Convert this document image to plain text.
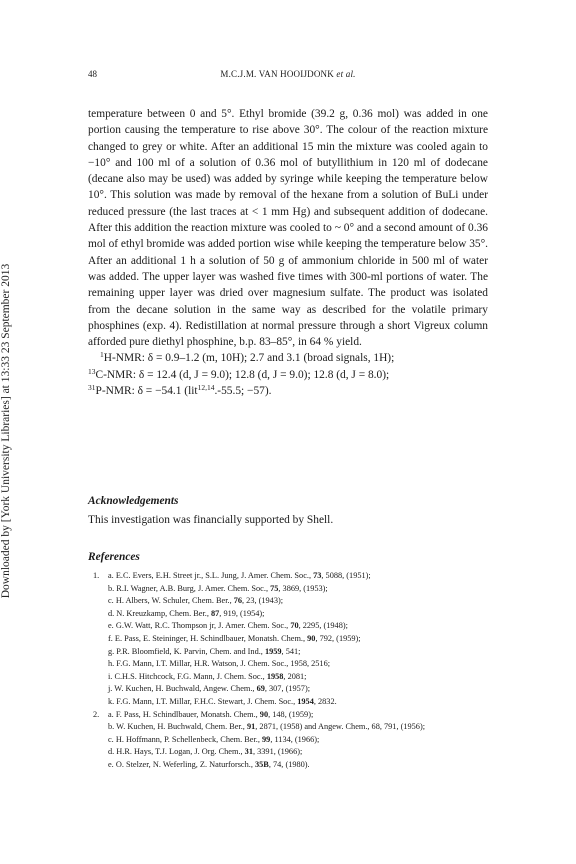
Downloaded by [York University Libraries] at 13:33 23 September 2013
48	M.C.J.M. VAN HOOIJDONK et al.

temperature between 0 and 5°. Ethyl bromide (39.2 g, 0.36 mol) was added in one portion causing the temperature to rise above 30°. The colour of the reaction mixture changed to grey or white. After an additional 15 min the mixture was cooled again to −10° and 100 ml of a solution of 0.36 mol of butyllithium in 120 ml of dodecane (decane also may be used) was added by syringe while keeping the temperature below 10°. This solution was made by removal of the hexane from a solution of BuLi under reduced pressure (the last traces at < 1 mm Hg) and subsequent addition of dodecane. After this addition the reaction mixture was cooled to ~ 0° and a second amount of 0.36 mol of ethyl bromide was added portion wise while keeping the temperature below 35°. After an additional 1 h a solution of 50 g of ammonium chloride in 500 ml of water was added. The upper layer was washed five times with 300-ml portions of water. The remaining upper layer was dried over magnesium sulfate. The product was isolated from the decane solution in the same way as described for the volatile primary phosphines (exp. 4). Redistillation at normal pressure through a short Vigreux column afforded pure diethyl phosphine, b.p. 83–85°, in 64 % yield.

$^1$H-NMR: δ = 0.9–1.2 (m, 10H); 2.7 and 3.1 (broad signals, 1H);
$^{13}$C-NMR: δ = 12.4 (d, J = 9.0); 12.8 (d, J = 9.0); 12.8 (d, J = 8.0);
$^{31}$P-NMR: δ = −54.1 (lit$^{12,14}$.-55.5; −57).

Acknowledgements
This investigation was financially supported by Shell.
References
1. a. E.C. Evers, E.H. Street jr., S.L. Jung, J. Amer. Chem. Soc., 73, 5088, (1951);
b. R.I. Wagner, A.B. Burg, J. Amer. Chem. Soc., 75, 3869, (1953);
c. H. Albers, W. Schuler, Chem. Ber., 76, 23, (1943);
d. N. Kreuzkamp, Chem. Ber., 87, 919, (1954);
e. G.W. Watt, R.C. Thompson jr, J. Amer. Chem. Soc., 70, 2295, (1948);
f. E. Pass, E. Steininger, H. Schindlbauer, Monatsh. Chem., 90, 792, (1959);
g. P.R. Bloomfield, K. Parvin, Chem. and Ind., 1959, 541;
h. F.G. Mann, I.T. Millar, H.R. Watson, J. Chem. Soc., 1958, 2516;
i. C.H.S. Hitchcock, F.G. Mann, J. Chem. Soc., 1958, 2081;
j. W. Kuchen, H. Buchwald, Angew. Chem., 69, 307, (1957);
k. F.G. Mann, I.T. Millar, F.H.C. Stewart, J. Chem. Soc., 1954, 2832.
2. a. F. Pass, H. Schindlbauer, Monatsh. Chem., 90, 148, (1959);
b. W. Kuchen, H. Buchwald, Chem. Ber., 91, 2871, (1958) and Angew. Chem., 68, 791, (1956);
c. H. Hoffmann, P. Schellenbeck, Chem. Ber., 99, 1134, (1966);
d. H.R. Hays, T.J. Logan, J. Org. Chem., 31, 3391, (1966);
e. O. Stelzer, N. Weferling, Z. Naturforsch., 35B, 74, (1980).
